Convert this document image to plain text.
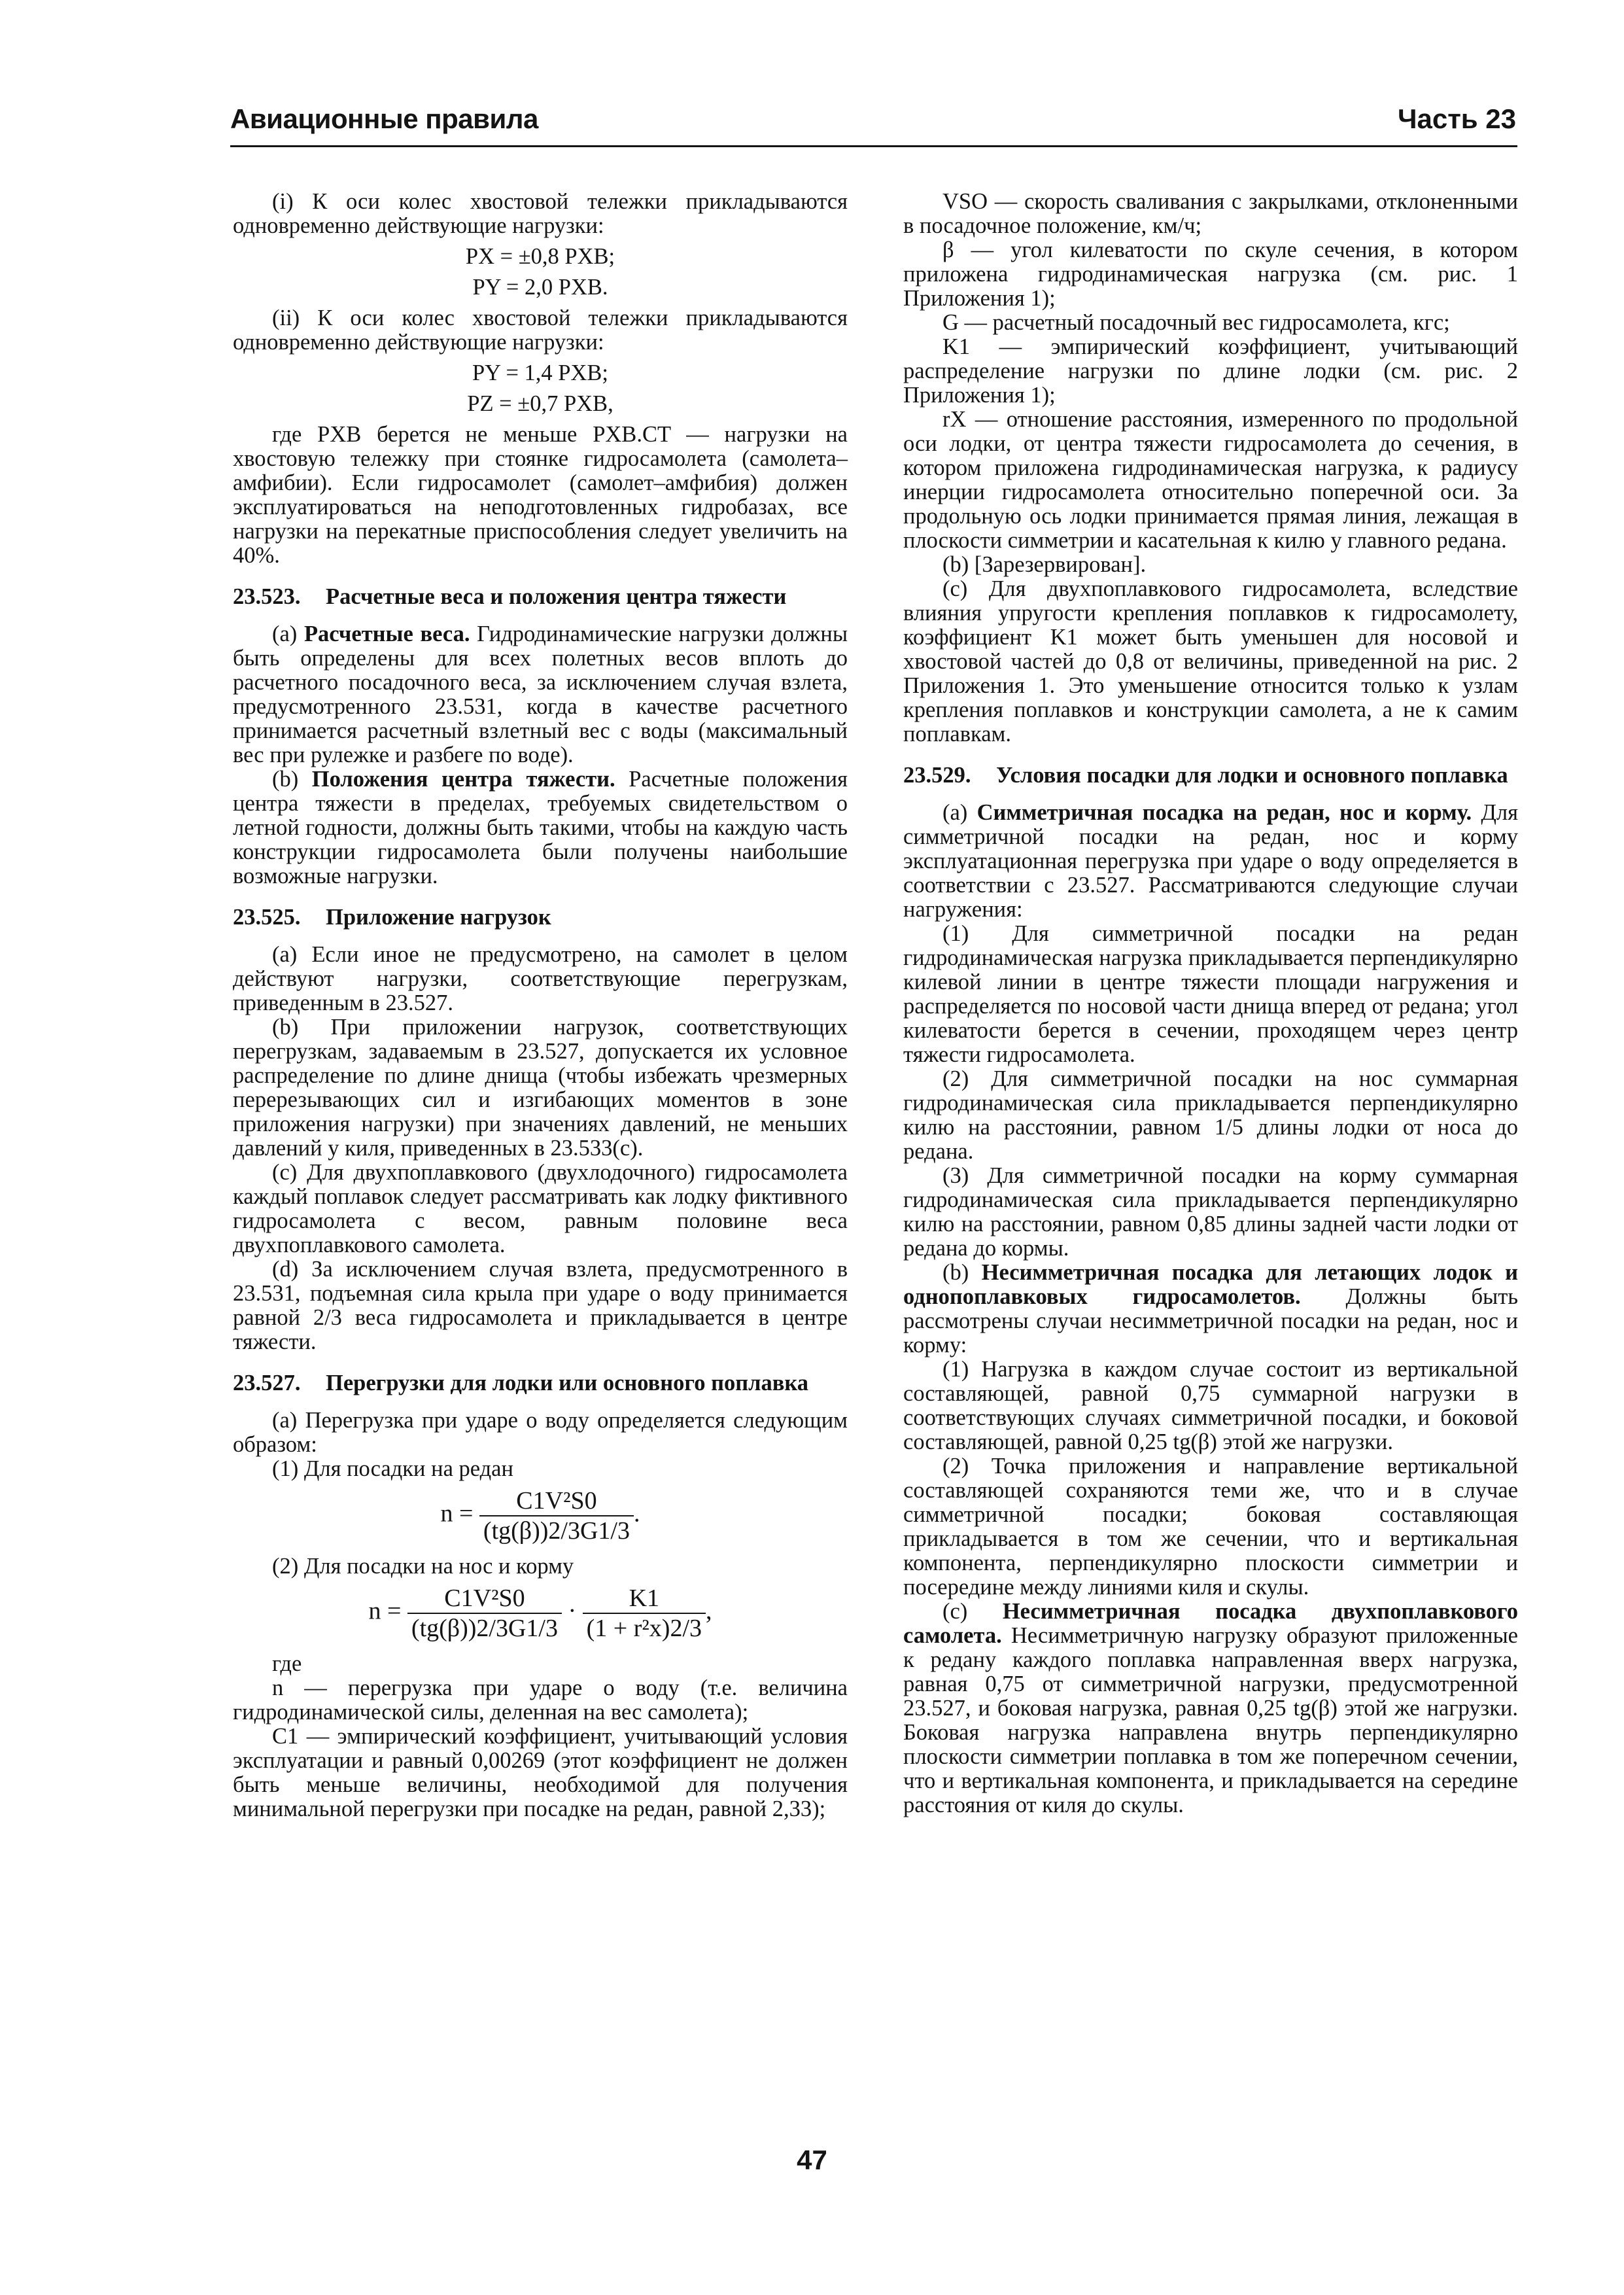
Авиационные правила	Часть 23

(i) К оси колес хвостовой тележки прикладываются одновременно действующие нагрузки:

PX = ±0,8 PXB;

PY = 2,0 PXB.

(ii) К оси колес хвостовой тележки прикладываются одновременно действующие нагрузки:

PY = 1,4 PXB;

PZ = ±0,7 PXB,

где PXB берется не меньше PXB.CT — нагрузки на хвостовую тележку при стоянке гидросамолета (самолета–амфибии). Если гидросамолет (самолет–амфибия) должен эксплуатироваться на неподготовленных гидробазах, все нагрузки на перекатные приспособления следует увеличить на 40%.

23.523. Расчетные веса и положения центра тяжести

(a) Расчетные веса. Гидродинамические нагрузки должны быть определены для всех полетных весов вплоть до расчетного посадочного веса, за исключением случая взлета, предусмотренного 23.531, когда в качестве расчетного принимается расчетный взлетный вес с воды (максимальный вес при рулежке и разбеге по воде).

(b) Положения центра тяжести. Расчетные положения центра тяжести в пределах, требуемых свидетельством о летной годности, должны быть такими, чтобы на каждую часть конструкции гидросамолета были получены наибольшие возможные нагрузки.

23.525. Приложение нагрузок

(a) Если иное не предусмотрено, на самолет в целом действуют нагрузки, соответствующие перегрузкам, приведенным в 23.527.

(b) При приложении нагрузок, соответствующих перегрузкам, задаваемым в 23.527, допускается их условное распределение по длине днища (чтобы избежать чрезмерных перерезывающих сил и изгибающих моментов в зоне приложения нагрузки) при значениях давлений, не меньших давлений у киля, приведенных в 23.533(c).

(c) Для двухпоплавкового (двухлодочного) гидросамолета каждый поплавок следует рассматривать как лодку фиктивного гидросамолета с весом, равным половине веса двухпоплавкового самолета.

(d) За исключением случая взлета, предусмотренного в 23.531, подъемная сила крыла при ударе о воду принимается равной 2/3 веса гидросамолета и прикладывается в центре тяжести.

23.527. Перегрузки для лодки или основного поплавка

(a) Перегрузка при ударе о воду определяется следующим образом:

(1) Для посадки на редан

$n = \frac{\text{C1V²S0}}{(tg(\beta))2/3G1/3}$ .

(2) Для посадки на нос и корму

$n = \frac{\text{C1V²S0}}{(tg(\beta))2/3G1/3} \cdot \frac{K1}{\text{(1 + r²x)2/3}}$ ,

где

n — перегрузка при ударе о воду (т.е. величина гидродинамической силы, деленная на вес самолета);

C1 — эмпирический коэффициент, учитывающий условия эксплуатации и равный 0,00269 (этот коэффициент не должен быть меньше величины, необходимой для получения минимальной перегрузки при посадке на редан, равной 2,33);

VSO — скорость сваливания с закрылками, отклоненными в посадочное положение, км/ч;

β — угол килеватости по скуле сечения, в котором приложена гидродинамическая нагрузка (см. рис. 1 Приложения 1);

G — расчетный посадочный вес гидросамолета, кгс;

K1 — эмпирический коэффициент, учитывающий распределение нагрузки по длине лодки (см. рис. 2 Приложения 1);

rX — отношение расстояния, измеренного по продольной оси лодки, от центра тяжести гидросамолета до сечения, в котором приложена гидродинамическая нагрузка, к радиусу инерции гидросамолета относительно поперечной оси. За продольную ось лодки принимается прямая линия, лежащая в плоскости симметрии и касательная к килю у главного редана.

(b) [Зарезервирован].

(c) Для двухпоплавкового гидросамолета, вследствие влияния упругости крепления поплавков к гидросамолету, коэффициент K1 может быть уменьшен для носовой и хвостовой частей до 0,8 от величины, приведенной на рис. 2 Приложения 1. Это уменьшение относится только к узлам крепления поплавков и конструкции самолета, а не к самим поплавкам.

23.529. Условия посадки для лодки и основного поплавка

(a) Симметричная посадка на редан, нос и корму. Для симметричной посадки на редан, нос и корму эксплуатационная перегрузка при ударе о воду определяется в соответствии с 23.527. Рассматриваются следующие случаи нагружения:

(1) Для симметричной посадки на редан гидродинамическая нагрузка прикладывается перпендикулярно килевой линии в центре тяжести площади нагружения и распределяется по носовой части днища вперед от редана; угол килеватости берется в сечении, проходящем через центр тяжести гидросамолета.

(2) Для симметричной посадки на нос суммарная гидродинамическая сила прикладывается перпендикулярно килю на расстоянии, равном 1/5 длины лодки от носа до редана.

(3) Для симметричной посадки на корму суммарная гидродинамическая сила прикладывается перпендикулярно килю на расстоянии, равном 0,85 длины задней части лодки от редана до кормы.

(b) Несимметричная посадка для летающих лодок и однопоплавковых гидросамолетов. Должны быть рассмотрены случаи несимметричной посадки на редан, нос и корму:

(1) Нагрузка в каждом случае состоит из вертикальной составляющей, равной 0,75 суммарной нагрузки в соответствующих случаях симметричной посадки, и боковой составляющей, равной 0,25 tg(β) этой же нагрузки.

(2) Точка приложения и направление вертикальной составляющей сохраняются теми же, что и в случае симметричной посадки; боковая составляющая прикладывается в том же сечении, что и вертикальная компонента, перпендикулярно плоскости симметрии и посередине между линиями киля и скулы.

(c) Несимметричная посадка двухпоплавкового самолета. Несимметричную нагрузку образуют приложенные к редану каждого поплавка направленная вверх нагрузка, равная 0,75 от симметричной нагрузки, предусмотренной 23.527, и боковая нагрузка, равная 0,25 tg(β) этой же нагрузки. Боковая нагрузка направлена внутрь перпендикулярно плоскости симметрии поплавка в том же поперечном сечении, что и вертикальная компонента, и прикладывается на середине расстояния от киля до скулы.

47
